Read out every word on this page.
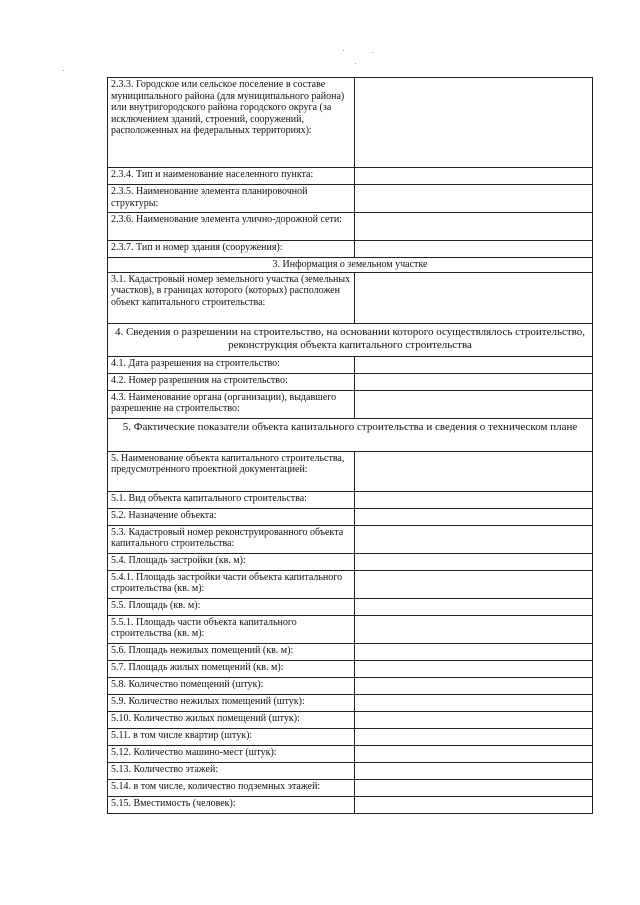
2.3.3. Городское или сельское поселение в составе муниципального района (для муниципального района) или внутригородского района городского округа (за исключением зданий, строений, сооружений, расположенных на федеральных территориях):	
2.3.4. Тип и наименование населенного пункта:	
2.3.5. Наименование элемента планировочной структуры:	
2.3.6. Наименование элемента улично-дорожной сети:	
2.3.7. Тип и номер здания (сооружения):	
3. Информация о земельном участке	
3.1. Кадастровый номер земельного участка (земельных участков), в границах которого (которых) расположен объект капитального строительства:	
4. Сведения о разрешении на строительство, на основании которого осуществлялось строительство, реконструкция объекта капитального строительства	
4.1. Дата разрешения на строительство:	
4.2. Номер разрешения на строительство:	
4.3. Наименование органа (организации), выдавшего разрешение на строительство:	
5. Фактические показатели объекта капитального строительства и сведения о техническом плане	
5. Наименование объекта капитального строительства, предусмотренного проектной документацией:	
5.1. Вид объекта капитального строительства:	
5.2. Назначение объекта:	
5.3. Кадастровый номер реконструированного объекта капитального строительства:	
5.4. Площадь застройки (кв. м):	
5.4.1. Площадь застройки части объекта капитального строительства (кв. м):	
5.5. Площадь (кв. м):	
5.5.1. Площадь части объекта капитального строительства (кв. м):	
5.6. Площадь нежилых помещений (кв. м):	
5.7. Площадь жилых помещений (кв. м):	
5.8. Количество помещений (штук):	
5.9. Количество нежилых помещений (штук):	
5.10. Количество жилых помещений (штук):	
5.11. в том числе квартир (штук):	
5.12. Количество машино-мест (штук):	
5.13. Количество этажей:	
5.14. в том числе, количество подземных этажей:	
5.15. Вместимость (человек):	
